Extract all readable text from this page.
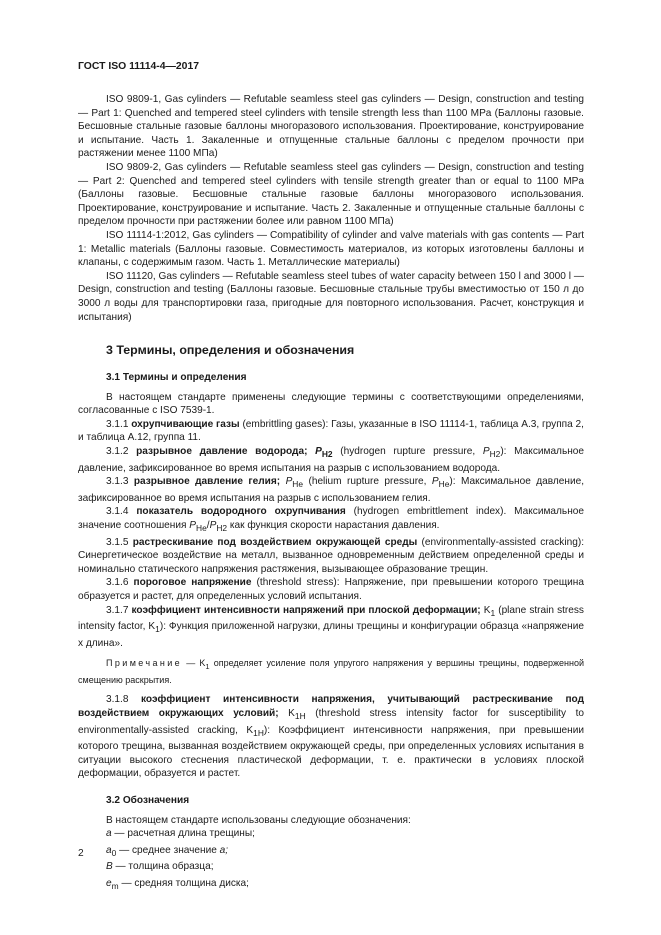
ГОСТ ISO 11114-4—2017

ISO 9809-1, Gas cylinders — Refutable seamless steel gas cylinders — Design, construction and testing — Part 1: Quenched and tempered steel cylinders with tensile strength less than 1100 MPa (Баллоны газовые. Бесшовные стальные газовые баллоны многоразового использования. Проектирование, конструирование и испытание. Часть 1. Закаленные и отпущенные стальные баллоны с пределом прочности при растяжении менее 1100 МПа)

ISO 9809-2, Gas cylinders — Refutable seamless steel gas cylinders — Design, construction and testing — Part 2: Quenched and tempered steel cylinders with tensile strength greater than or equal to 1100 MPa (Баллоны газовые. Бесшовные стальные газовые баллоны многоразового использования. Проектирование, конструирование и испытание. Часть 2. Закаленные и отпущенные стальные баллоны с пределом прочности при растяжении более или равном 1100 МПа)

ISO 11114-1:2012, Gas cylinders — Compatibility of cylinder and valve materials with gas contents — Part 1: Metallic materials (Баллоны газовые. Совместимость материалов, из которых изготовлены баллоны и клапаны, с содержимым газом. Часть 1. Металлические материалы)

ISO 11120, Gas cylinders — Refutable seamless steel tubes of water capacity between 150 l and 3000 l — Design, construction and testing (Баллоны газовые. Бесшовные стальные трубы вместимостью от 150 л до 3000 л воды для транспортировки газа, пригодные для повторного использования. Расчет, конструкция и испытания)

3 Термины, определения и обозначения
3.1 Термины и определения

В настоящем стандарте применены следующие термины с соответствующими определениями, согласованные с ISO 7539-1.

3.1.1 охрупчивающие газы (embrittling gases): Газы, указанные в ISO 11114-1, таблица А.3, группа 2, и таблица А.12, группа 11.

3.1.2 разрывное давление водорода; $P_{H2}$ (hydrogen rupture pressure, $P_{H2}$): Максимальное давление, зафиксированное во время испытания на разрыв с использованием водорода.

3.1.3 разрывное давление гелия; $P_{He}$ (helium rupture pressure, $P_{He}$): Максимальное давление, зафиксированное во время испытания на разрыв с использованием гелия.

3.1.4 показатель водородного охрупчивания (hydrogen embrittlement index). Максимальное значение соотношения $P_{He}/P_{H2}$ как функция скорости нарастания давления.

3.1.5 растрескивание под воздействием окружающей среды (environmentally-assisted cracking): Синергетическое воздействие на металл, вызванное одновременным действием определенной среды и номинально статического напряжения растяжения, вызывающее образование трещин.

3.1.6 пороговое напряжение (threshold stress): Напряжение, при превышении которого трещина образуется и растет, для определенных условий испытания.

3.1.7 коэффициент интенсивности напряжений при плоской деформации; $K_1$ (plane strain stress intensity factor, $K_1$): Функция приложенной нагрузки, длины трещины и конфигурации образца «напряжение х длина».

Примечание — $K_1$ определяет усиление поля упругого напряжения у вершины трещины, подверженной смещению раскрытия.

3.1.8 коэффициент интенсивности напряжения, учитывающий растрескивание под воздействием окружающих условий; $K_{1H}$ (threshold stress intensity factor for susceptibility to environmentally-assisted cracking, $K_{1H}$): Коэффициент интенсивности напряжения, при превышении которого трещина, вызванная воздействием окружающей среды, при определенных условиях испытания в ситуации высокого стеснения пластической деформации, т. е. практически в условиях плоской деформации, образуется и растет.

3.2 Обозначения

В настоящем стандарте использованы следующие обозначения:

a — расчетная длина трещины;

$a_0$ — среднее значение a;

B — толщина образца;

$e_m$ — средняя толщина диска;

2
